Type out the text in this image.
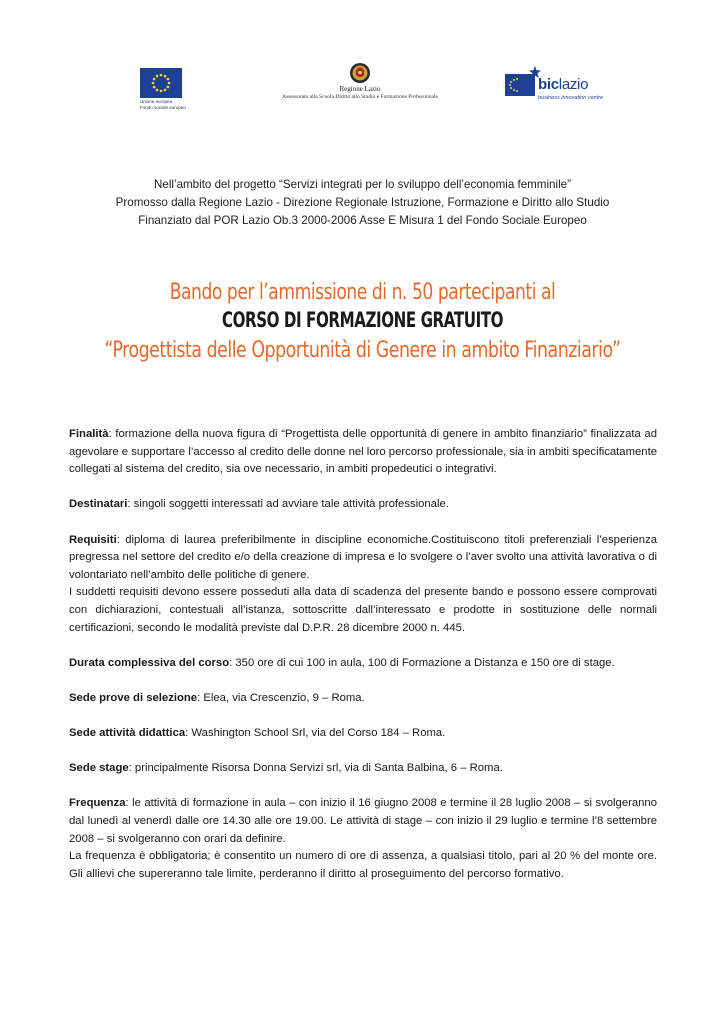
Unione europea
Fondo sociale europeo
Regione Lazio
Assessorato alla Scuola Diritto allo Studio e Formazione Professionale
biclazio
business innovation centre
Nell’ambito del progetto “Servizi integrati per lo sviluppo dell’economia femminile”
Promosso dalla Regione Lazio - Direzione Regionale Istruzione, Formazione e Diritto allo Studio
Finanziato dal POR Lazio Ob.3 2000-2006 Asse E Misura 1 del Fondo Sociale Europeo
Bando per l’ammissione di n. 50 partecipanti al
CORSO DI FORMAZIONE GRATUITO
“Progettista delle Opportunità di Genere in ambito Finanziario”

Finalità: formazione della nuova figura di “Progettista delle opportunità di genere in ambito finanziario” finalizzata ad agevolare e supportare l’accesso al credito delle donne nel loro percorso professionale, sia in ambiti specificatamente collegati al sistema del credito, sia ove necessario, in ambiti propedeutici o integrativi.

Destinatari: singoli soggetti interessati ad avviare tale attività professionale.

Requisiti: diploma di laurea preferibilmente in discipline economiche.Costituiscono titoli preferenziali l’esperienza pregressa nel settore del credito e/o della creazione di impresa e lo svolgere o l’aver svolto una attività lavorativa o di volontariato nell’ambito delle politiche di genere.
I suddetti requisiti devono essere posseduti alla data di scadenza del presente bando e possono essere comprovati con dichiarazioni, contestuali all’istanza, sottoscritte dall’interessato e prodotte in sostituzione delle normali certificazioni, secondo le modalità previste dal D.P.R. 28 dicembre 2000 n. 445.

Durata complessiva del corso: 350 ore di cui 100 in aula, 100 di Formazione a Distanza e 150 ore di stage.

Sede prove di selezione: Elea, via Crescenzio, 9 – Roma.

Sede attività didattica: Washington School Srl, via del Corso 184 – Roma.

Sede stage: principalmente Risorsa Donna Servizi srl, via di Santa Balbina, 6 – Roma.

Frequenza: le attività di formazione in aula – con inizio il 16 giugno 2008 e termine il 28 luglio 2008 – si svolgeranno dal lunedì al venerdì dalle ore 14.30 alle ore 19.00. Le attività di stage – con inizio il 29 luglio e termine l’8 settembre 2008 – si svolgeranno con orari da definire.
La frequenza è obbligatoria; è consentito un numero di ore di assenza, a qualsiasi titolo, pari al 20 % del monte ore. Gli allievi che supereranno tale limite, perderanno il diritto al proseguimento del percorso formativo.
